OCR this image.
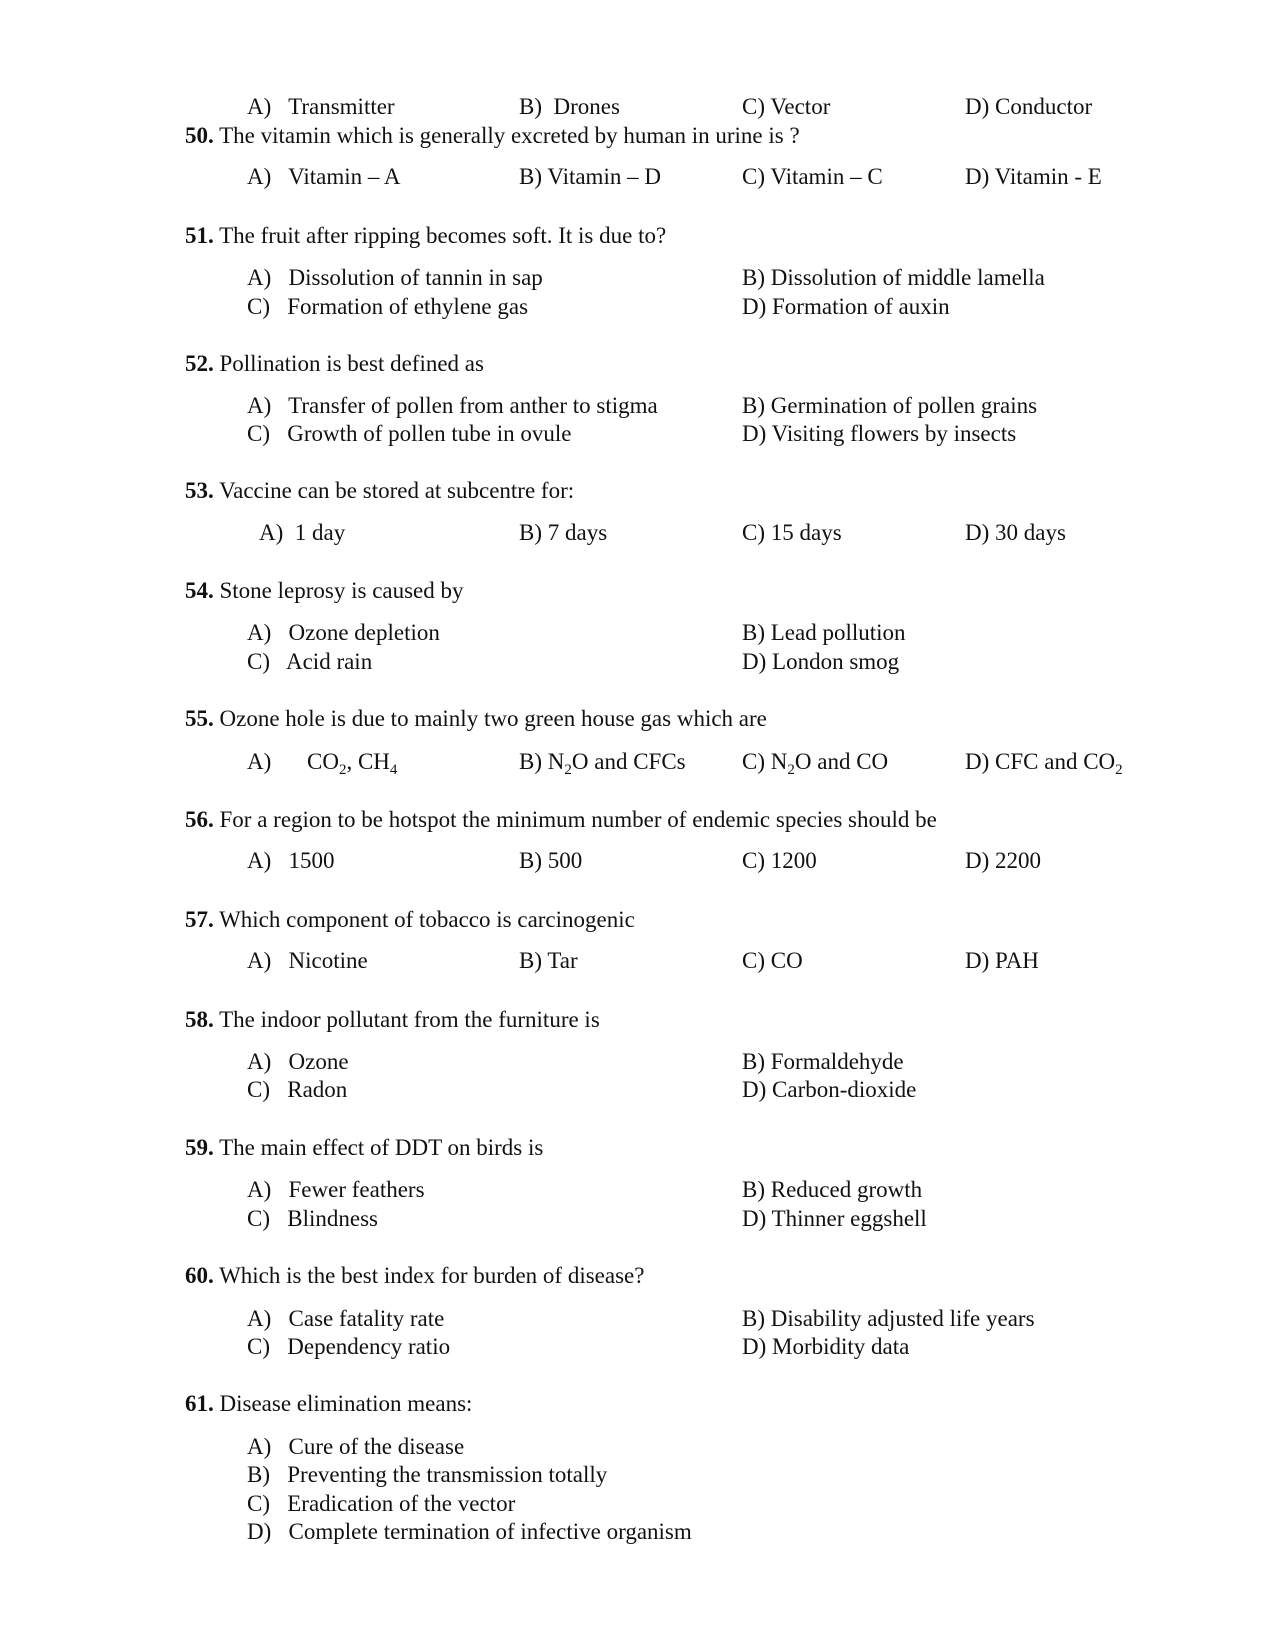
A)   Transmitter	B)  Drones	C) Vector	D) Conductor
50. The vitamin which is generally excreted by human in urine is ?
A)   Vitamin – A	B) Vitamin – D	C) Vitamin – C	D) Vitamin - E
51. The fruit after ripping becomes soft. It is due to?
A)   Dissolution of tannin in sap	B) Dissolution of middle lamella
C)   Formation of ethylene gas	D) Formation of auxin
52. Pollination is best defined as
A)   Transfer of pollen from anther to stigma	B) Germination of pollen grains
C)   Growth of pollen tube in ovule	D) Visiting flowers by insects
53. Vaccine can be stored at subcentre for:
A)  1 day	B) 7 days	C) 15 days	D) 30 days
54. Stone leprosy is caused by
A)   Ozone depletion	B) Lead pollution
C)   Acid rain	D) London smog
55. Ozone hole is due to mainly two green house gas which are
A) $CO_2$, $CH_4$	B) $N_2O$ and CFCs C) $N_2O$ and CO	D) CFC and $CO_2$
56. For a region to be hotspot the minimum number of endemic species should be
A)   1500	B) 500	C) 1200	D) 2200
57. Which component of tobacco is carcinogenic
A)   Nicotine	B) Tar	C) CO	D) PAH
58. The indoor pollutant from the furniture is
A)   Ozone	B) Formaldehyde
C)   Radon	D) Carbon-dioxide
59. The main effect of DDT on birds is
A)   Fewer feathers	B) Reduced growth
C)   Blindness	D) Thinner eggshell
60. Which is the best index for burden of disease?
A)   Case fatality rate	B) Disability adjusted life years
C)   Dependency ratio	D) Morbidity data
61. Disease elimination means:
A)   Cure of the disease
B)   Preventing the transmission totally
C)   Eradication of the vector
D)   Complete termination of infective organism
